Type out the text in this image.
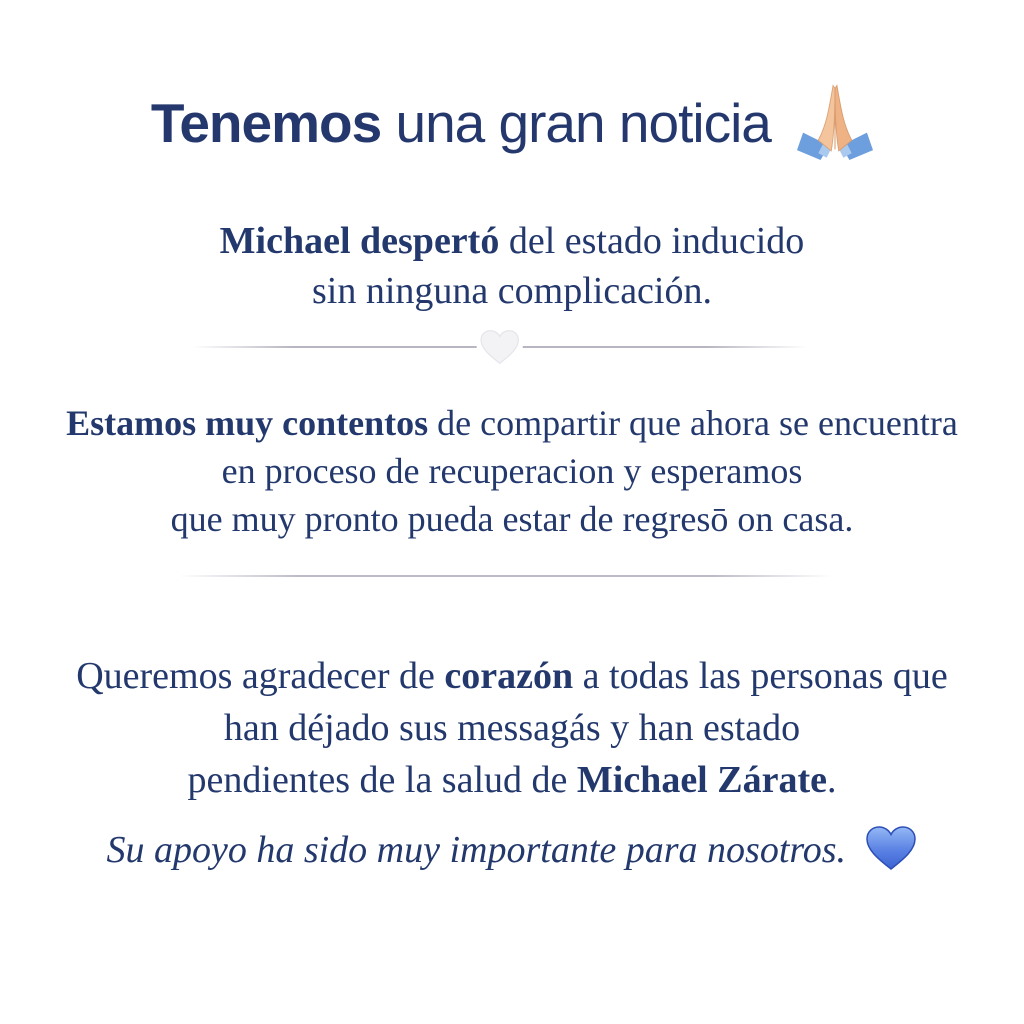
Tenemos una gran noticia

Michael despertó del estado inducido
sin ninguna complicación.

Estamos muy contentos de compartir que ahora se encuentra
en proceso de recuperacion y esperamos
que muy pronto pueda estar de regresō on casa.

Queremos agradecer de corazón a todas las personas que
han déjado sus messagás y han estado
pendientes de la salud de Michael Zárate.

Su apoyo ha sido muy importante para nosotros.
